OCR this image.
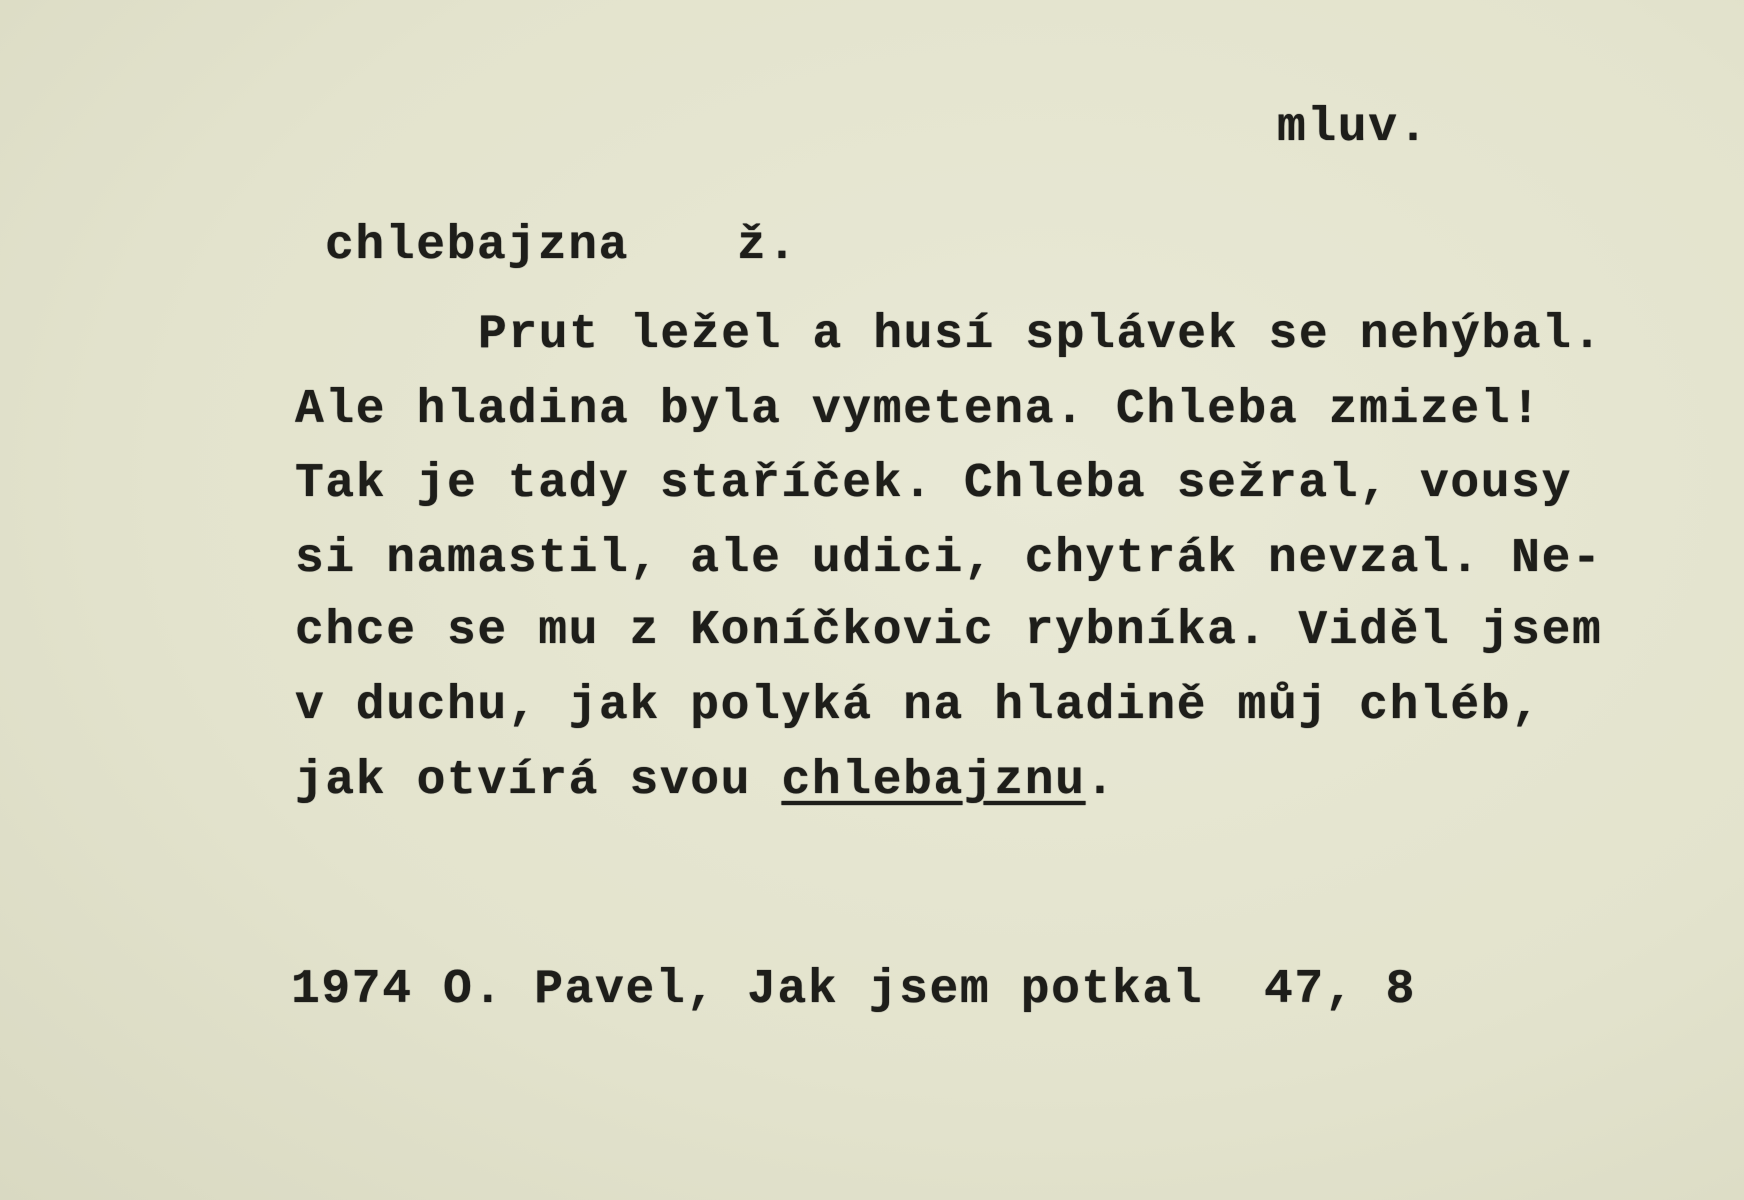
mluv.
chlebajzna ž.
Prut ležel a husí splávek se nehýbal.
Ale hladina byla vymetena. Chleba zmizel!
Tak je tady staříček. Chleba sežral, vousy
si namastil, ale udici, chytrák nevzal. Ne-
chce se mu z Koníčkovic rybníka. Viděl jsem
v duchu, jak polyká na hladině můj chléb,
jak otvírá svou chlebajznu.
1974 O. Pavel, Jak jsem potkal  47, 8
